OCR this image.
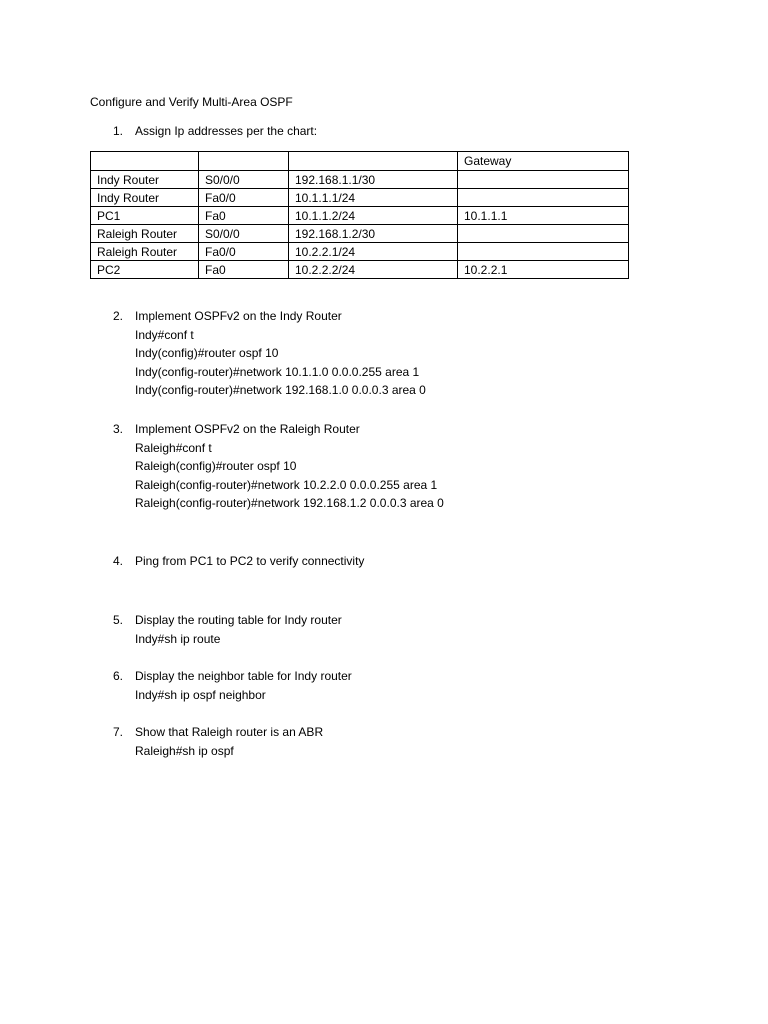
Configure and Verify Multi-Area OSPF
1. Assign Ip addresses per the chart:
			Gateway
Indy Router	S0/0/0	192.168.1.1/30	
Indy Router	Fa0/0	10.1.1.1/24	
PC1	Fa0	10.1.1.2/24	10.1.1.1
Raleigh Router	S0/0/0	192.168.1.2/30	
Raleigh Router	Fa0/0	10.2.2.1/24	
PC2	Fa0	10.2.2.2/24	10.2.2.1
2. Implement OSPFv2 on the Indy Router
Indy#conf t
Indy(config)#router ospf 10
Indy(config-router)#network 10.1.1.0 0.0.0.255 area 1
Indy(config-router)#network 192.168.1.0 0.0.0.3 area 0
3. Implement OSPFv2 on the Raleigh Router
Raleigh#conf t
Raleigh(config)#router ospf 10
Raleigh(config-router)#network 10.2.2.0 0.0.0.255 area 1
Raleigh(config-router)#network 192.168.1.2 0.0.0.3 area 0
4. Ping from PC1 to PC2 to verify connectivity
5. Display the routing table for Indy router
Indy#sh ip route
6. Display the neighbor table for Indy router
Indy#sh ip ospf neighbor
7. Show that Raleigh router is an ABR
Raleigh#sh ip ospf
